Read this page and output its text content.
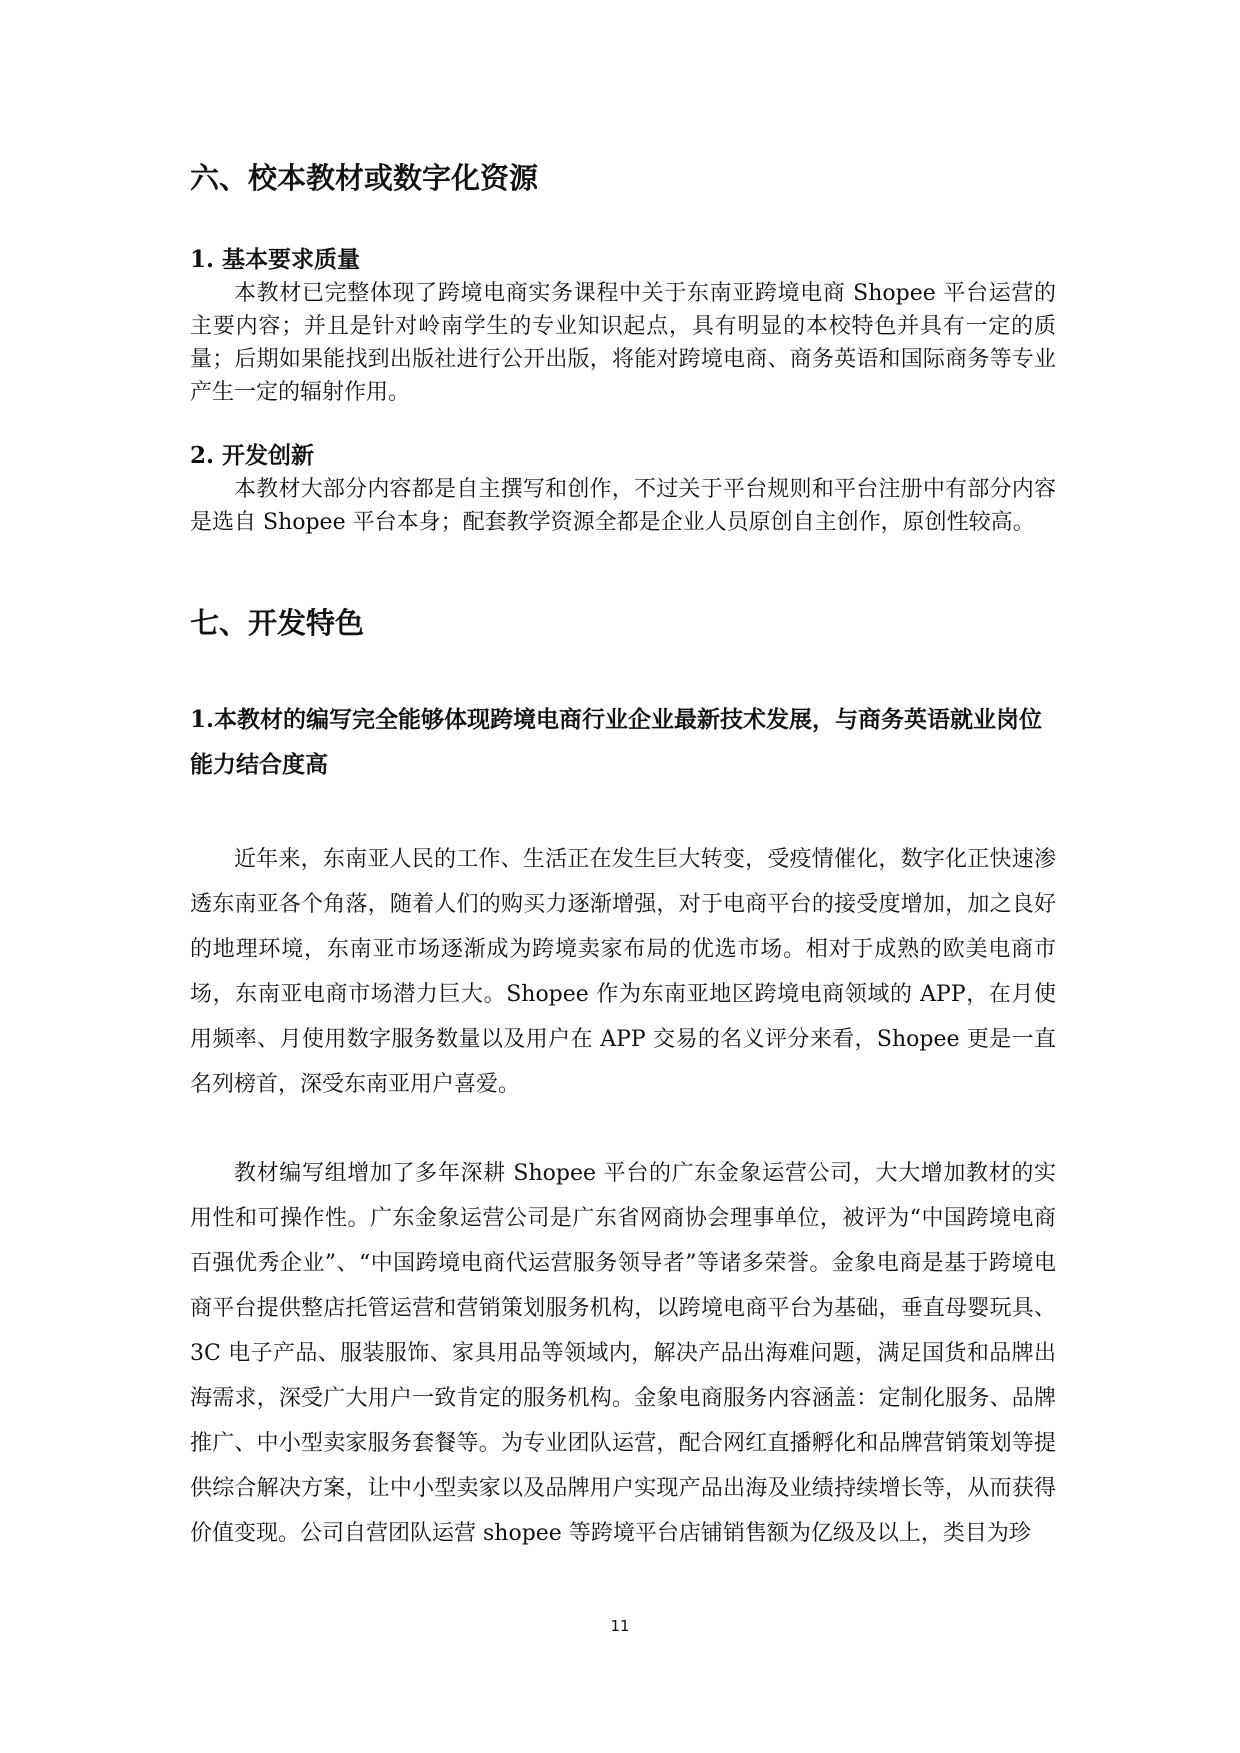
六、校本教材或数字化资源
1. 基本要求质量

本教材已完整体现了跨境电商实务课程中关于东南亚跨境电商 Shopee 平台运营的主要内容；并且是针对岭南学生的专业知识起点，具有明显的本校特色并具有一定的质量；后期如果能找到出版社进行公开出版，将能对跨境电商、商务英语和国际商务等专业产生一定的辐射作用。

2. 开发创新

本教材大部分内容都是自主撰写和创作，不过关于平台规则和平台注册中有部分内容是选自 Shopee 平台本身；配套教学资源全都是企业人员原创自主创作，原创性较高。

七、开发特色
1.本教材的编写完全能够体现跨境电商行业企业最新技术发展，与商务英语就业岗位能力结合度高

近年来，东南亚人民的工作、生活正在发生巨大转变，受疫情催化，数字化正快速渗透东南亚各个角落，随着人们的购买力逐渐增强，对于电商平台的接受度增加，加之良好的地理环境，东南亚市场逐渐成为跨境卖家布局的优选市场。相对于成熟的欧美电商市场，东南亚电商市场潜力巨大。Shopee 作为东南亚地区跨境电商领域的 APP，在月使用频率、月使用数字服务数量以及用户在 APP 交易的名义评分来看，Shopee 更是一直名列榜首，深受东南亚用户喜爱。

教材编写组增加了多年深耕 Shopee 平台的广东金象运营公司，大大增加教材的实用性和可操作性。广东金象运营公司是广东省网商协会理事单位，被评为“中国跨境电商百强优秀企业”、“中国跨境电商代运营服务领导者”等诸多荣誉。金象电商是基于跨境电商平台提供整店托管运营和营销策划服务机构，以跨境电商平台为基础，垂直母婴玩具、3C 电子产品、服装服饰、家具用品等领域内，解决产品出海难问题，满足国货和品牌出海需求，深受广大用户一致肯定的服务机构。金象电商服务内容涵盖：定制化服务、品牌推广、中小型卖家服务套餐等。为专业团队运营，配合网红直播孵化和品牌营销策划等提供综合解决方案，让中小型卖家以及品牌用户实现产品出海及业绩持续增长等，从而获得价值变现。公司自营团队运营 shopee 等跨境平台店铺销售额为亿级及以上，类目为珍

11
